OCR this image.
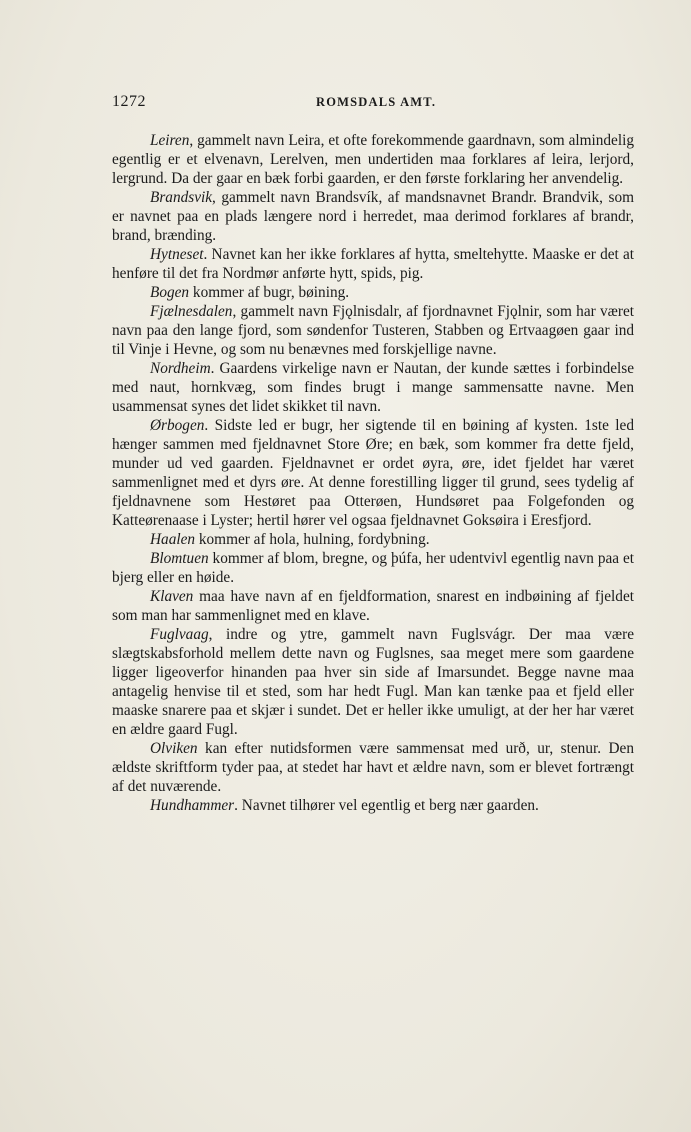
1272	ROMSDALS AMT.

Leiren, gammelt navn Leira, et ofte forekommende gaardnavn, som almindelig egentlig er et elvenavn, Lerelven, men undertiden maa forklares af leira, lerjord, lergrund. Da der gaar en bæk forbi gaarden, er den første forklaring her anvendelig.

Brandsvik, gammelt navn Brandsvík, af mandsnavnet Brandr. Brandvik, som er navnet paa en plads længere nord i herredet, maa derimod forklares af brandr, brand, brænding.

Hytneset. Navnet kan her ikke forklares af hytta, smeltehytte. Maaske er det at henføre til det fra Nordmør anførte hytt, spids, pig.

Bogen kommer af bugr, bøining.

Fjælnesdalen, gammelt navn Fjǫlnisdalr, af fjordnavnet Fjǫlnir, som har været navn paa den lange fjord, som søndenfor Tusteren, Stabben og Ertvaagøen gaar ind til Vinje i Hevne, og som nu benævnes med forskjellige navne.

Nordheim. Gaardens virkelige navn er Nautan, der kunde sættes i forbindelse med naut, hornkvæg, som findes brugt i mange sammensatte navne. Men usammensat synes det lidet skikket til navn.

Ørbogen. Sidste led er bugr, her sigtende til en bøining af kysten. 1ste led hænger sammen med fjeldnavnet Store Øre; en bæk, som kommer fra dette fjeld, munder ud ved gaarden. Fjeldnavnet er ordet øyra, øre, idet fjeldet har været sammenlignet med et dyrs øre. At denne forestilling ligger til grund, sees tydelig af fjeldnavnene som Hestøret paa Otterøen, Hundsøret paa Folgefonden og Katteørenaase i Lyster; hertil hører vel ogsaa fjeldnavnet Goksøira i Eresfjord.

Haalen kommer af hola, hulning, fordybning.

Blomtuen kommer af blom, bregne, og þúfa, her udentvivl egentlig navn paa et bjerg eller en høide.

Klaven maa have navn af en fjeldformation, snarest en indbøining af fjeldet som man har sammenlignet med en klave.

Fuglvaag, indre og ytre, gammelt navn Fuglsvágr. Der maa være slægtskabsforhold mellem dette navn og Fuglsnes, saa meget mere som gaardene ligger ligeoverfor hinanden paa hver sin side af Imarsundet. Begge navne maa antagelig henvise til et sted, som har hedt Fugl. Man kan tænke paa et fjeld eller maaske snarere paa et skjær i sundet. Det er heller ikke umuligt, at der her har været en ældre gaard Fugl.

Olviken kan efter nutidsformen være sammensat med urð, ur, stenur. Den ældste skriftform tyder paa, at stedet har havt et ældre navn, som er blevet fortrængt af det nuværende.

Hundhammer. Navnet tilhører vel egentlig et berg nær gaarden.
